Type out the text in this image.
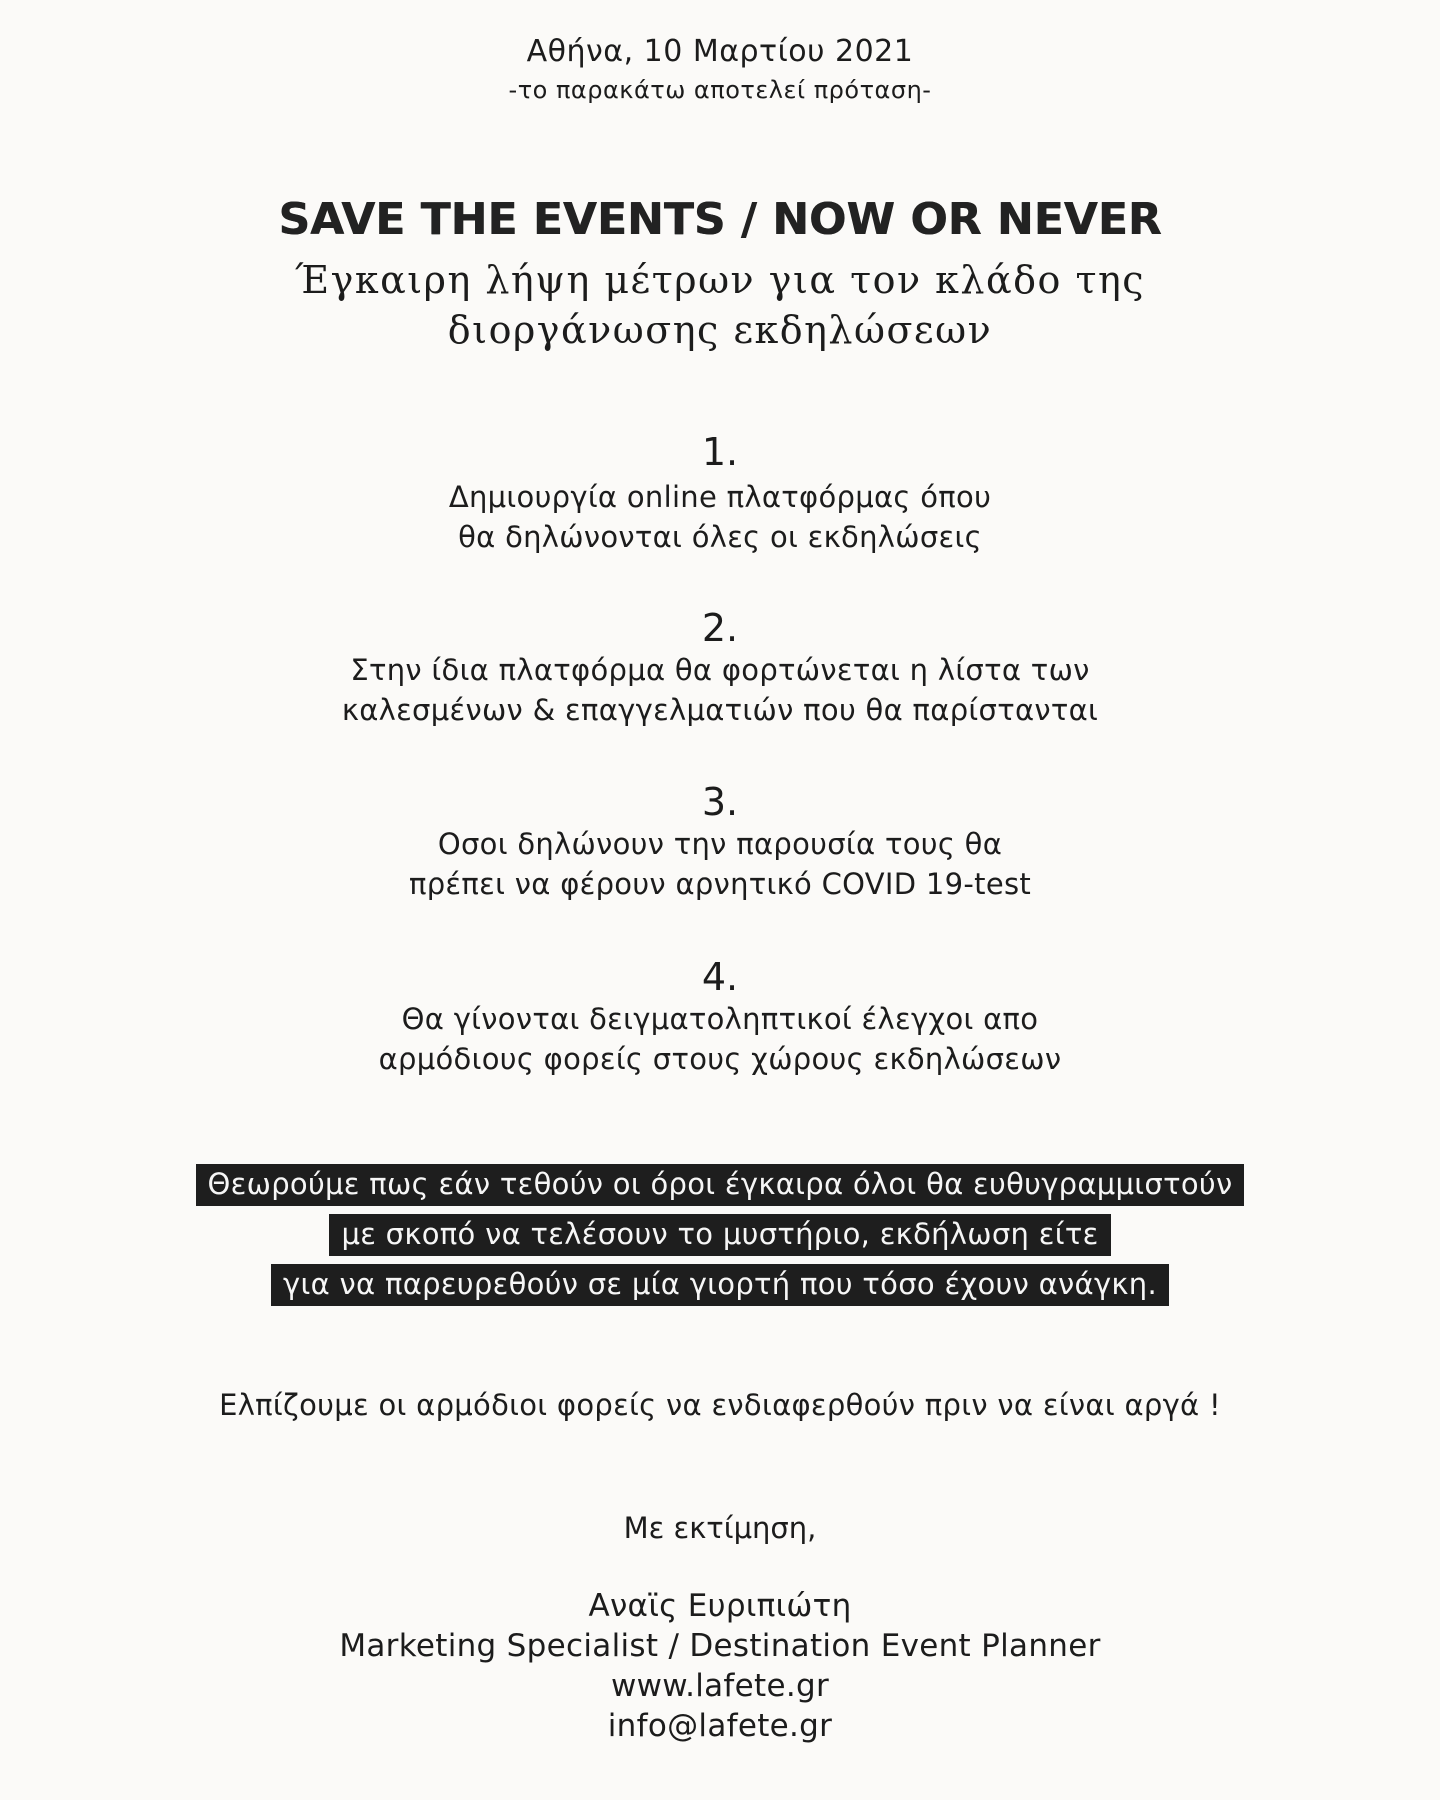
Αθήνα, 10 Μαρτίου 2021
-το παρακάτω αποτελεί πρόταση-
SAVE THE EVENTS / NOW OR NEVER
Έγκαιρη λήψη μέτρων για τον κλάδο της
διοργάνωσης εκδηλώσεων
1.
Δημιουργία online πλατφόρμας όπου
θα δηλώνονται όλες οι εκδηλώσεις
2.
Στην ίδια πλατφόρμα θα φορτώνεται η λίστα των
καλεσμένων & επαγγελματιών που θα παρίστανται
3.
Οσοι δηλώνουν την παρουσία τους θα
πρέπει να φέρουν αρνητικό COVID 19-test
4.
Θα γίνονται δειγματοληπτικοί έλεγχοι απο
αρμόδιους φορείς στους χώρους εκδηλώσεων
Θεωρούμε πως εάν τεθούν οι όροι έγκαιρα όλοι θα ευθυγραμμιστούν
με σκοπό να τελέσουν το μυστήριο, εκδήλωση είτε
για να παρευρεθούν σε μία γιορτή που τόσο έχουν ανάγκη.
Ελπίζουμε οι αρμόδιοι φορείς να ενδιαφερθούν πριν να είναι αργά !
Με εκτίμηση,
Αναϊς Ευριπιώτη
Marketing Specialist / Destination Event Planner
www.lafete.gr
info@lafete.gr
